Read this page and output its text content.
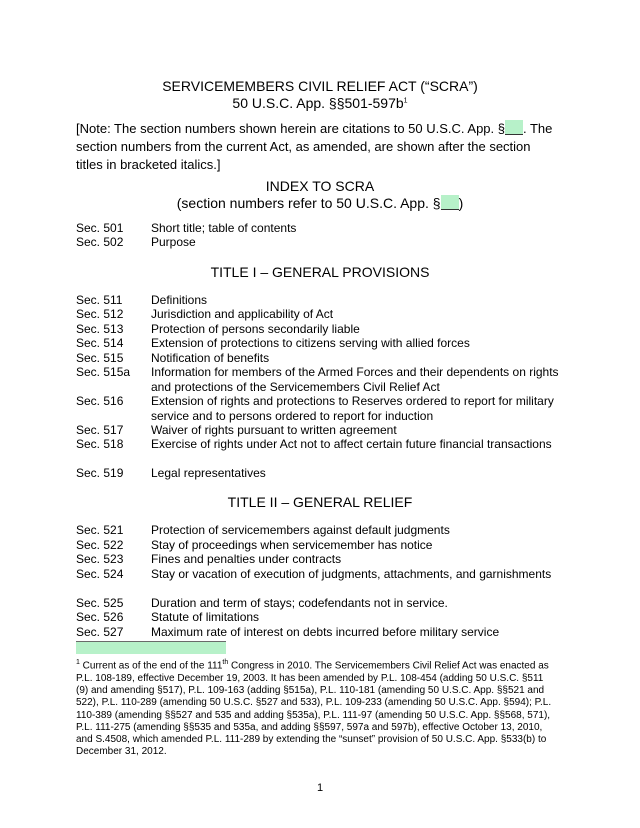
SERVICEMEMBERS CIVIL RELIEF ACT (“SCRA”)
50 U.S.C. App. $\S\S 501-597b^1$
[Note: The section numbers shown herein are citations to 50 U.S.C. App. § . The section numbers from the current Act, as amended, are shown after the section titles in bracketed italics.]
INDEX TO SCRA
(section numbers refer to 50 U.S.C. App. § )
Sec. 501 Short title; table of contents
Sec. 502 Purpose
TITLE I – GENERAL PROVISIONS
Sec. 511 Definitions
Sec. 512 Jurisdiction and applicability of Act
Sec. 513 Protection of persons secondarily liable
Sec. 514 Extension of protections to citizens serving with allied forces
Sec. 515 Notification of benefits
Sec. 515a Information for members of the Armed Forces and their dependents on rights and protections of the Servicemembers Civil Relief Act
Sec. 516 Extension of rights and protections to Reserves ordered to report for military service and to persons ordered to report for induction
Sec. 517 Waiver of rights pursuant to written agreement
Sec. 518 Exercise of rights under Act not to affect certain future financial transactions
Sec. 519 Legal representatives
TITLE II – GENERAL RELIEF
Sec. 521 Protection of servicemembers against default judgments
Sec. 522 Stay of proceedings when servicemember has notice
Sec. 523 Fines and penalties under contracts
Sec. 524 Stay or vacation of execution of judgments, attachments, and garnishments
Sec. 525 Duration and term of stays; codefendants not in service.
Sec. 526 Statute of limitations
Sec. 527 Maximum rate of interest on debts incurred before military service
$^1$ Current as of the end of the 111th Congress in 2010. The Servicemembers Civil Relief Act was enacted as P.L. 108-189, effective December 19, 2003. It has been amended by P.L. 108-454 (adding 50 U.S.C. §511 (9) and amending §517), P.L. 109-163 (adding §515a), P.L. 110-181 (amending 50 U.S.C. App. §§521 and 522), P.L. 110-289 (amending 50 U.S.C. §527 and 533), P.L. 109-233 (amending 50 U.S.C. App. §594); P.L. 110-389 (amending §§527 and 535 and adding §535a), P.L. 111-97 (amending 50 U.S.C. App. §§568, 571), P.L. 111-275 (amending §§535 and 535a, and adding §§597, 597a and 597b), effective October 13, 2010, and S.4508, which amended P.L. 111-289 by extending the “sunset” provision of 50 U.S.C. App. §533(b) to December 31, 2012.
1
